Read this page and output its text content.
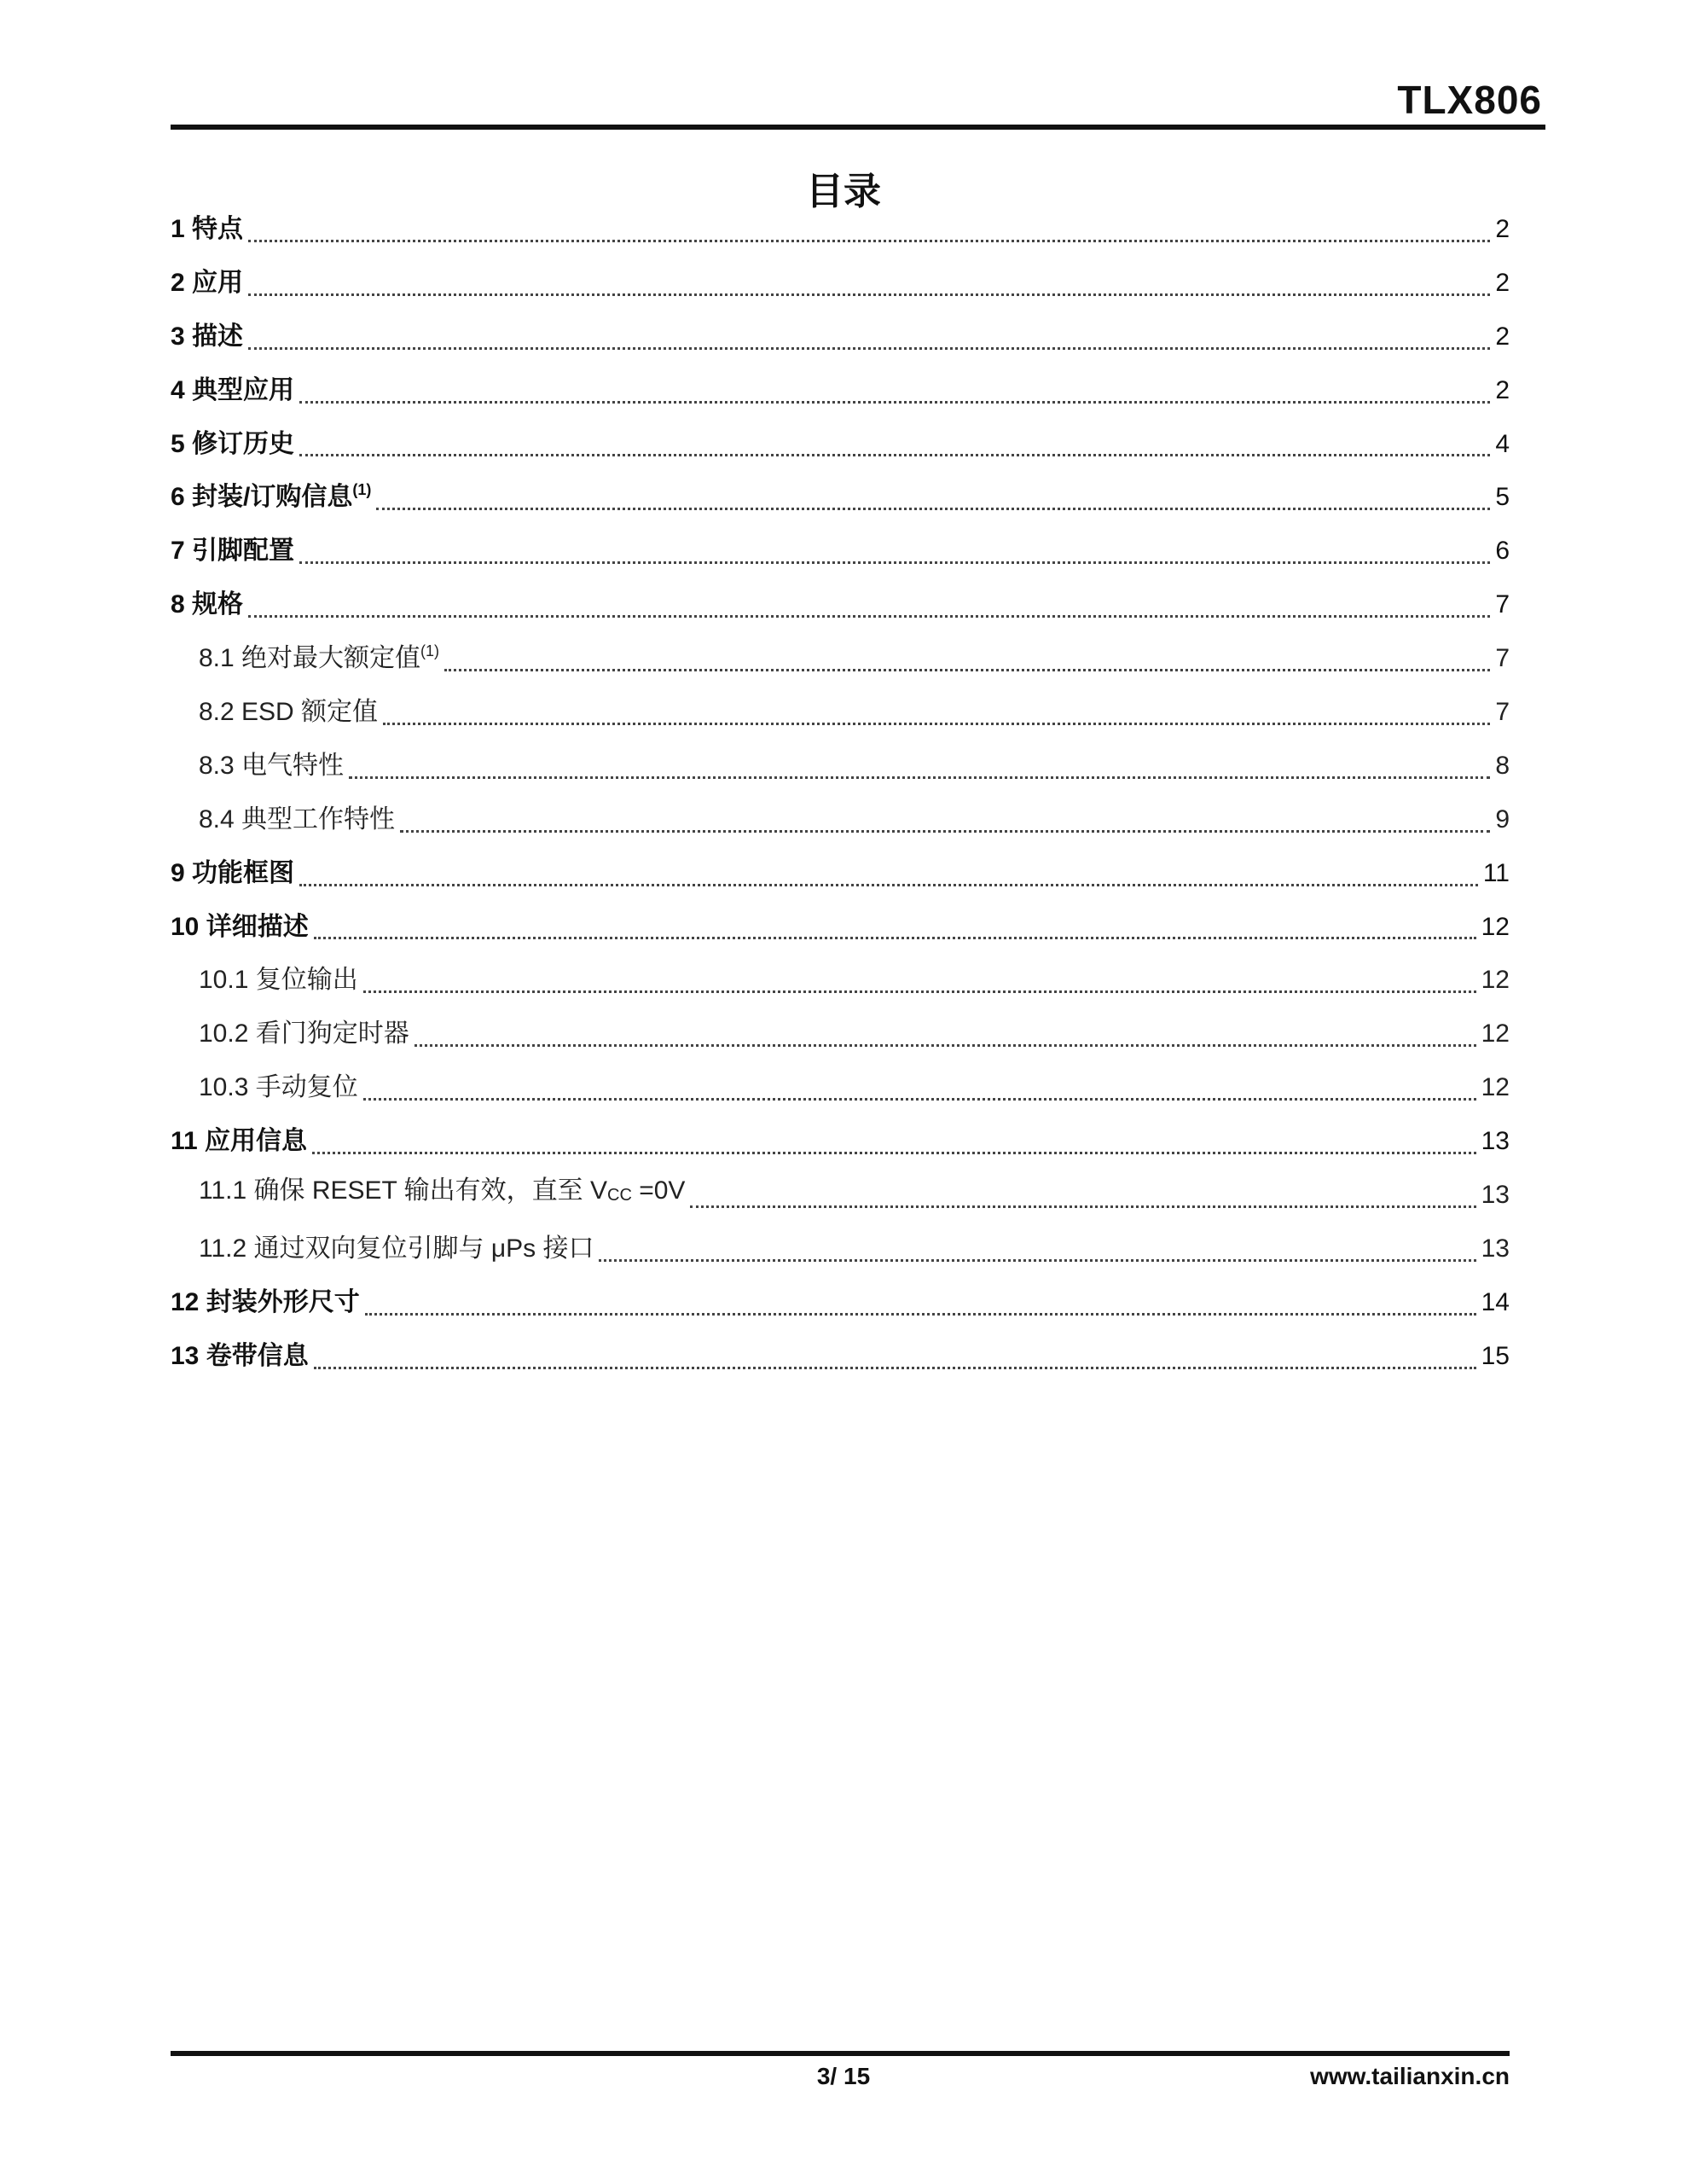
TLX806
目录
1 特点	2
2 应用	2
3 描述	2
4 典型应用	2
5 修订历史	4
6 封装/订购信息$^{(1)}$	5
7 引脚配置	6
8 规格	7
8.1 绝对最大额定值$^{(1)}$	7
8.2 ESD 额定值	7
8.3 电气特性	8
8.4 典型工作特性	9
9 功能框图	11
10 详细描述	12
10.1 复位输出	12
10.2 看门狗定时器	12
10.3 手动复位	12
11 应用信息	13
11.1 确保 RESET 输出有效，直至 $V_{CC} =0V$	13
11.2 通过双向复位引脚与 μPs 接口	13
12 封装外形尺寸	14
13 卷带信息	15
3/ 15	www.tailianxin.cn
